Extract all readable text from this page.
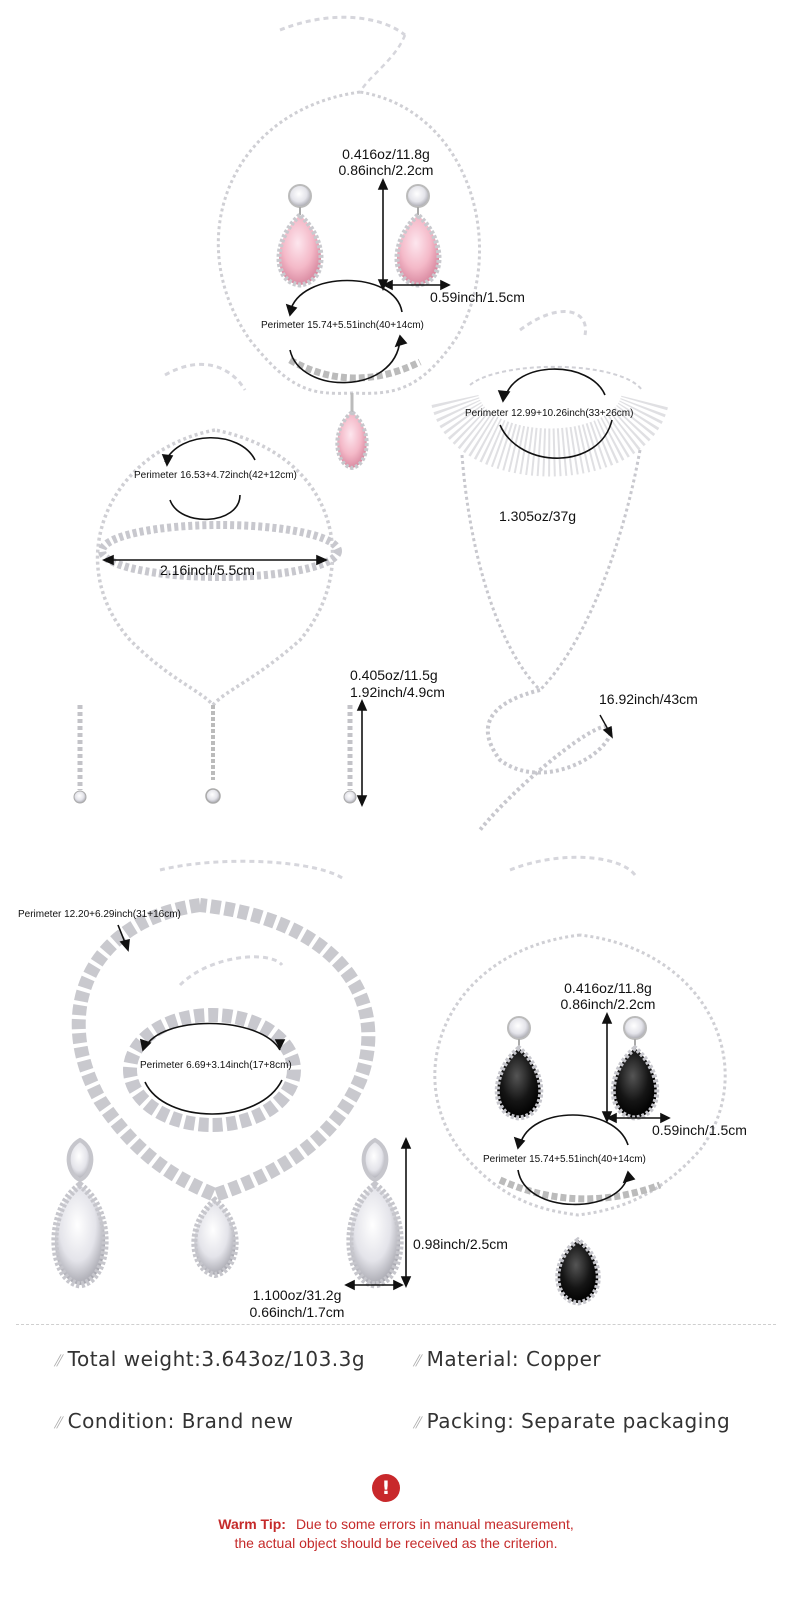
0.416oz/11.8g
0.86inch/2.2cm
0.59inch/1.5cm
Perimeter 15.74+5.51inch(40+14cm)
Perimeter 12.99+10.26inch(33+26cm)
1.305oz/37g
Perimeter 16.53+4.72inch(42+12cm)
2.16inch/5.5cm
0.405oz/11.5g
1.92inch/4.9cm	16.92inch/43cm
Perimeter 12.20+6.29inch(31+16cm)
Perimeter 6.69+3.14inch(17+8cm)
0.98inch/2.5cm
1.100oz/31.2g
0.66inch/1.7cm
0.416oz/11.8g
0.86inch/2.2cm
0.59inch/1.5cm
Perimeter 15.74+5.51inch(40+14cm)
⫽ Total weight:3.643oz/103.3g	⫽ Material: Copper
⫽ Condition: Brand new	⫽ Packing: Separate packaging
!
Warm Tip: Due to some errors in manual measurement,
the actual object should be received as the criterion.
